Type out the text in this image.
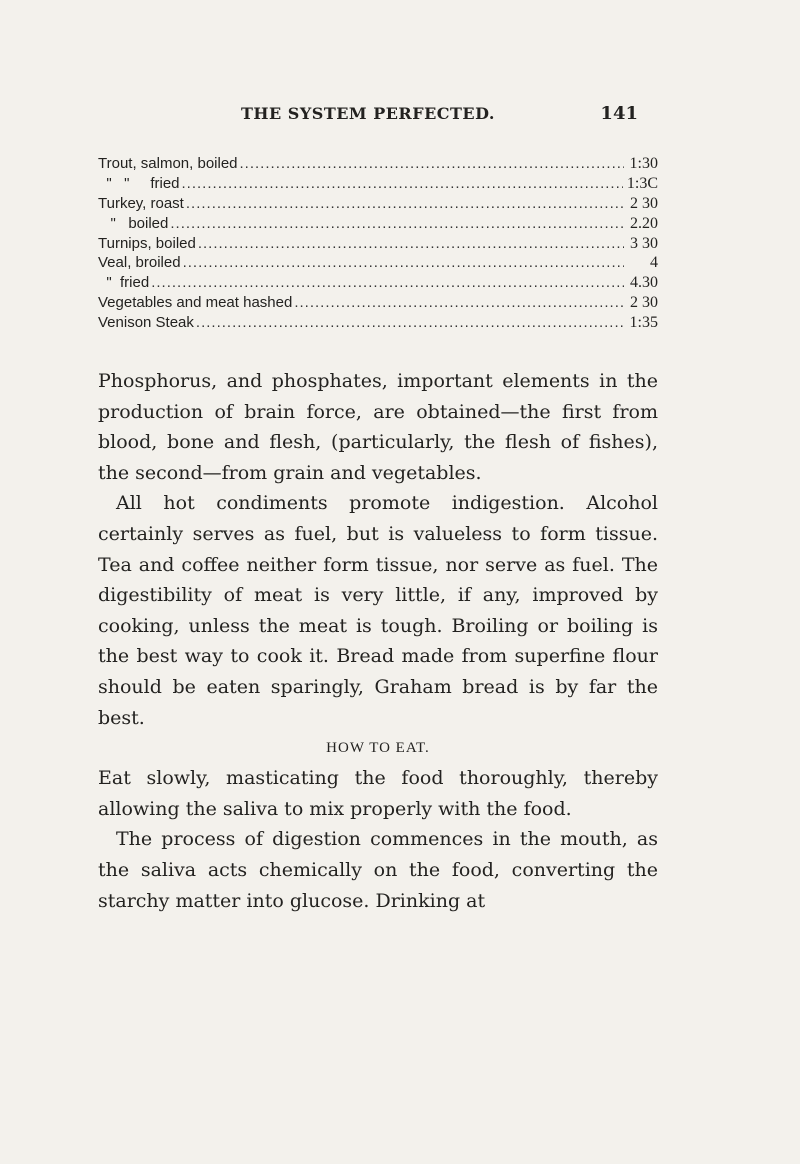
THE SYSTEM PERFECTED.	141
Trout, salmon, boiled .....	1:30
"   "     fried .....	1:3C
Turkey, roast .....	2 30
"   boiled .....	2.20
Turnips, boiled .....	3 30
Veal, broiled .....	4
"  fried .....	4.30
Vegetables and meat hashed .....	2 30
Venison Steak .....	1:35

Phosphorus, and phosphates, important elements in the production of brain force, are obtained—the first from blood, bone and flesh, (particularly, the flesh of fishes), the second—from grain and vegetables.

All hot condiments promote indigestion. Alcohol certainly serves as fuel, but is valueless to form tissue. Tea and coffee neither form tissue, nor serve as fuel. The digestibility of meat is very little, if any, improved by cooking, unless the meat is tough. Broiling or boiling is the best way to cook it. Bread made from superfine flour should be eaten sparingly, Graham bread is by far the best.

HOW TO EAT.

Eat slowly, masticating the food thoroughly, thereby allowing the saliva to mix properly with the food.

The process of digestion commences in the mouth, as the saliva acts chemically on the food, converting the starchy matter into glucose. Drinking at
